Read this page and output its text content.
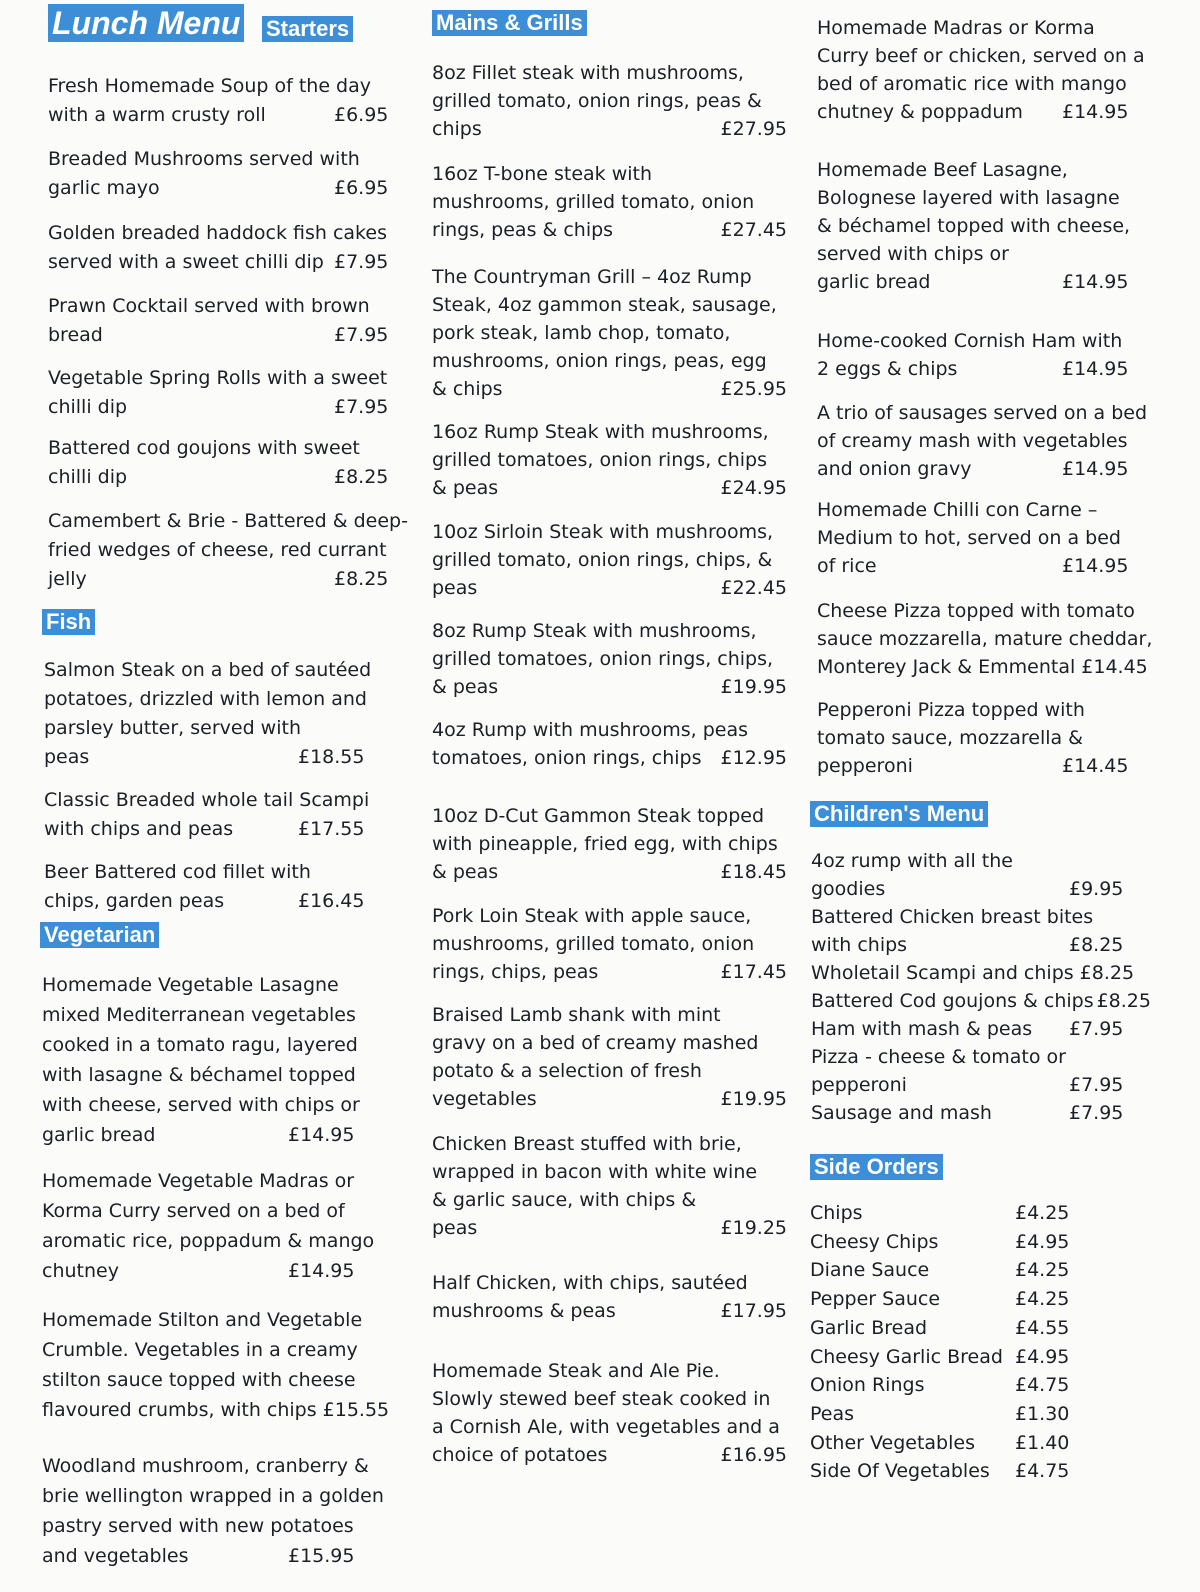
Lunch Menu Starters
Fresh Homemade Soup of the day
with a warm crusty roll	£6.95
Breaded Mushrooms served with
garlic mayo	£6.95
Golden breaded haddock fish cakes
served with a sweet chilli dip £7.95
Prawn Cocktail served with brown
bread	£7.95
Vegetable Spring Rolls with a sweet
chilli dip	£7.95
Battered cod goujons with sweet
chilli dip	£8.25
Camembert & Brie - Battered & deep-
fried wedges of cheese, red currant
jelly	£8.25
Fish
Salmon Steak on a bed of sautéed
potatoes, drizzled with lemon and
parsley butter, served with
peas	£18.55
Classic Breaded whole tail Scampi
with chips and peas	£17.55
Beer Battered cod fillet with
chips, garden peas	£16.45
Vegetarian
Homemade Vegetable Lasagne
mixed Mediterranean vegetables
cooked in a tomato ragu, layered
with lasagne & béchamel topped
with cheese, served with chips or
garlic bread	£14.95
Homemade Vegetable Madras or
Korma Curry served on a bed of
aromatic rice, poppadum & mango
chutney	£14.95
Homemade Stilton and Vegetable
Crumble. Vegetables in a creamy
stilton sauce topped with cheese
flavoured crumbs, with chips £15.55
Woodland mushroom, cranberry &
brie wellington wrapped in a golden
pastry served with new potatoes
and vegetables	£15.95
Mains & Grills
8oz Fillet steak with mushrooms,
grilled tomato, onion rings, peas &
chips	£27.95
16oz T-bone steak with
mushrooms, grilled tomato, onion
rings, peas & chips	£27.45
The Countryman Grill – 4oz Rump
Steak, 4oz gammon steak, sausage,
pork steak, lamb chop, tomato,
mushrooms, onion rings, peas, egg
& chips	£25.95
16oz Rump Steak with mushrooms,
grilled tomatoes, onion rings, chips
& peas	£24.95
10oz Sirloin Steak with mushrooms,
grilled tomato, onion rings, chips, &
peas	£22.45
8oz Rump Steak with mushrooms,
grilled tomatoes, onion rings, chips,
& peas	£19.95
4oz Rump with mushrooms, peas
tomatoes, onion rings, chips £12.95
10oz D-Cut Gammon Steak topped
with pineapple, fried egg, with chips
& peas	£18.45
Pork Loin Steak with apple sauce,
mushrooms, grilled tomato, onion
rings, chips, peas	£17.45
Braised Lamb shank with mint
gravy on a bed of creamy mashed
potato & a selection of fresh
vegetables	£19.95
Chicken Breast stuffed with brie,
wrapped in bacon with white wine
& garlic sauce, with chips &
peas	£19.25
Half Chicken, with chips, sautéed
mushrooms & peas	£17.95
Homemade Steak and Ale Pie.
Slowly stewed beef steak cooked in
a Cornish Ale, with vegetables and a
choice of potatoes	£16.95
Homemade Madras or Korma
Curry beef or chicken, served on a
bed of aromatic rice with mango
chutney & poppadum £14.95
Homemade Beef Lasagne,
Bolognese layered with lasagne
& béchamel topped with cheese,
served with chips or
garlic bread	£14.95
Home-cooked Cornish Ham with
2 eggs & chips	£14.95
A trio of sausages served on a bed
of creamy mash with vegetables
and onion gravy	£14.95
Homemade Chilli con Carne –
Medium to hot, served on a bed
of rice	£14.95
Cheese Pizza topped with tomato
sauce mozzarella, mature cheddar,
Monterey Jack & Emmental £14.45
Pepperoni Pizza topped with
tomato sauce, mozzarella &
pepperoni	£14.45
Children's Menu
4oz rump with all the
goodies	£9.95
Battered Chicken breast bites
with chips	£8.25
Wholetail Scampi and chips £8.25
Battered Cod goujons & chips £8.25
Ham with mash & peas £7.95
Pizza - cheese & tomato or
pepperoni	£7.95
Sausage and mash	£7.95
Side Orders
Chips	£4.25
Cheesy Chips	£4.95
Diane Sauce	£4.25
Pepper Sauce	£4.25
Garlic Bread	£4.55
Cheesy Garlic Bread £4.95
Onion Rings	£4.75
Peas	£1.30
Other Vegetables £1.40
Side Of Vegetables £4.75
